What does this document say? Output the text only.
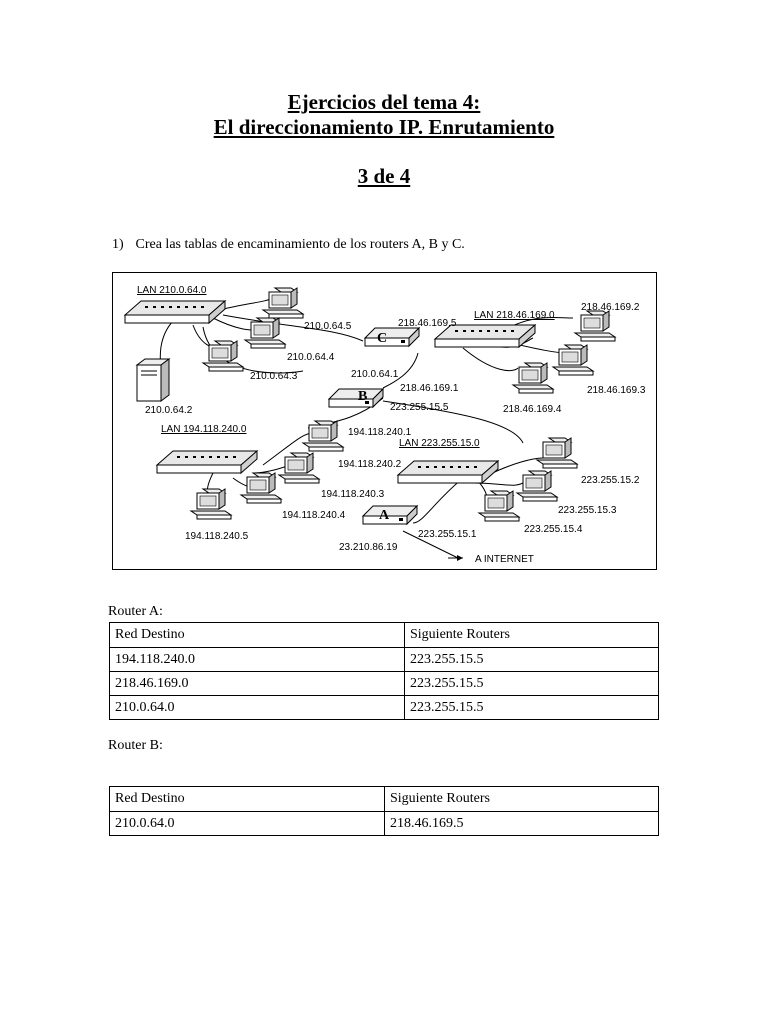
Ejercicios del tema 4:
El direccionamiento IP. Enrutamiento
3 de 4
1) Crea las tablas de encaminamiento de los routers A, B y C.
C
B
A
LAN 210.0.64.0
LAN 218.46.169.0
LAN 194.118.240.0
LAN 223.255.15.0
210.0.64.5
210.0.64.4
210.0.64.3
210.0.64.2
210.0.64.1
218.46.169.5
218.46.169.2
218.46.169.3
218.46.169.4
218.46.169.1
223.255.15.5
194.118.240.1
194.118.240.2
194.118.240.3
194.118.240.4
194.118.240.5
223.255.15.2
223.255.15.3
223.255.15.4
223.255.15.1
23.210.86.19
A INTERNET
Router A:
Red Destino	Siguiente Routers
194.118.240.0	223.255.15.5
218.46.169.0	223.255.15.5
210.0.64.0	223.255.15.5
Router B:
Red Destino	Siguiente Routers
210.0.64.0	218.46.169.5
